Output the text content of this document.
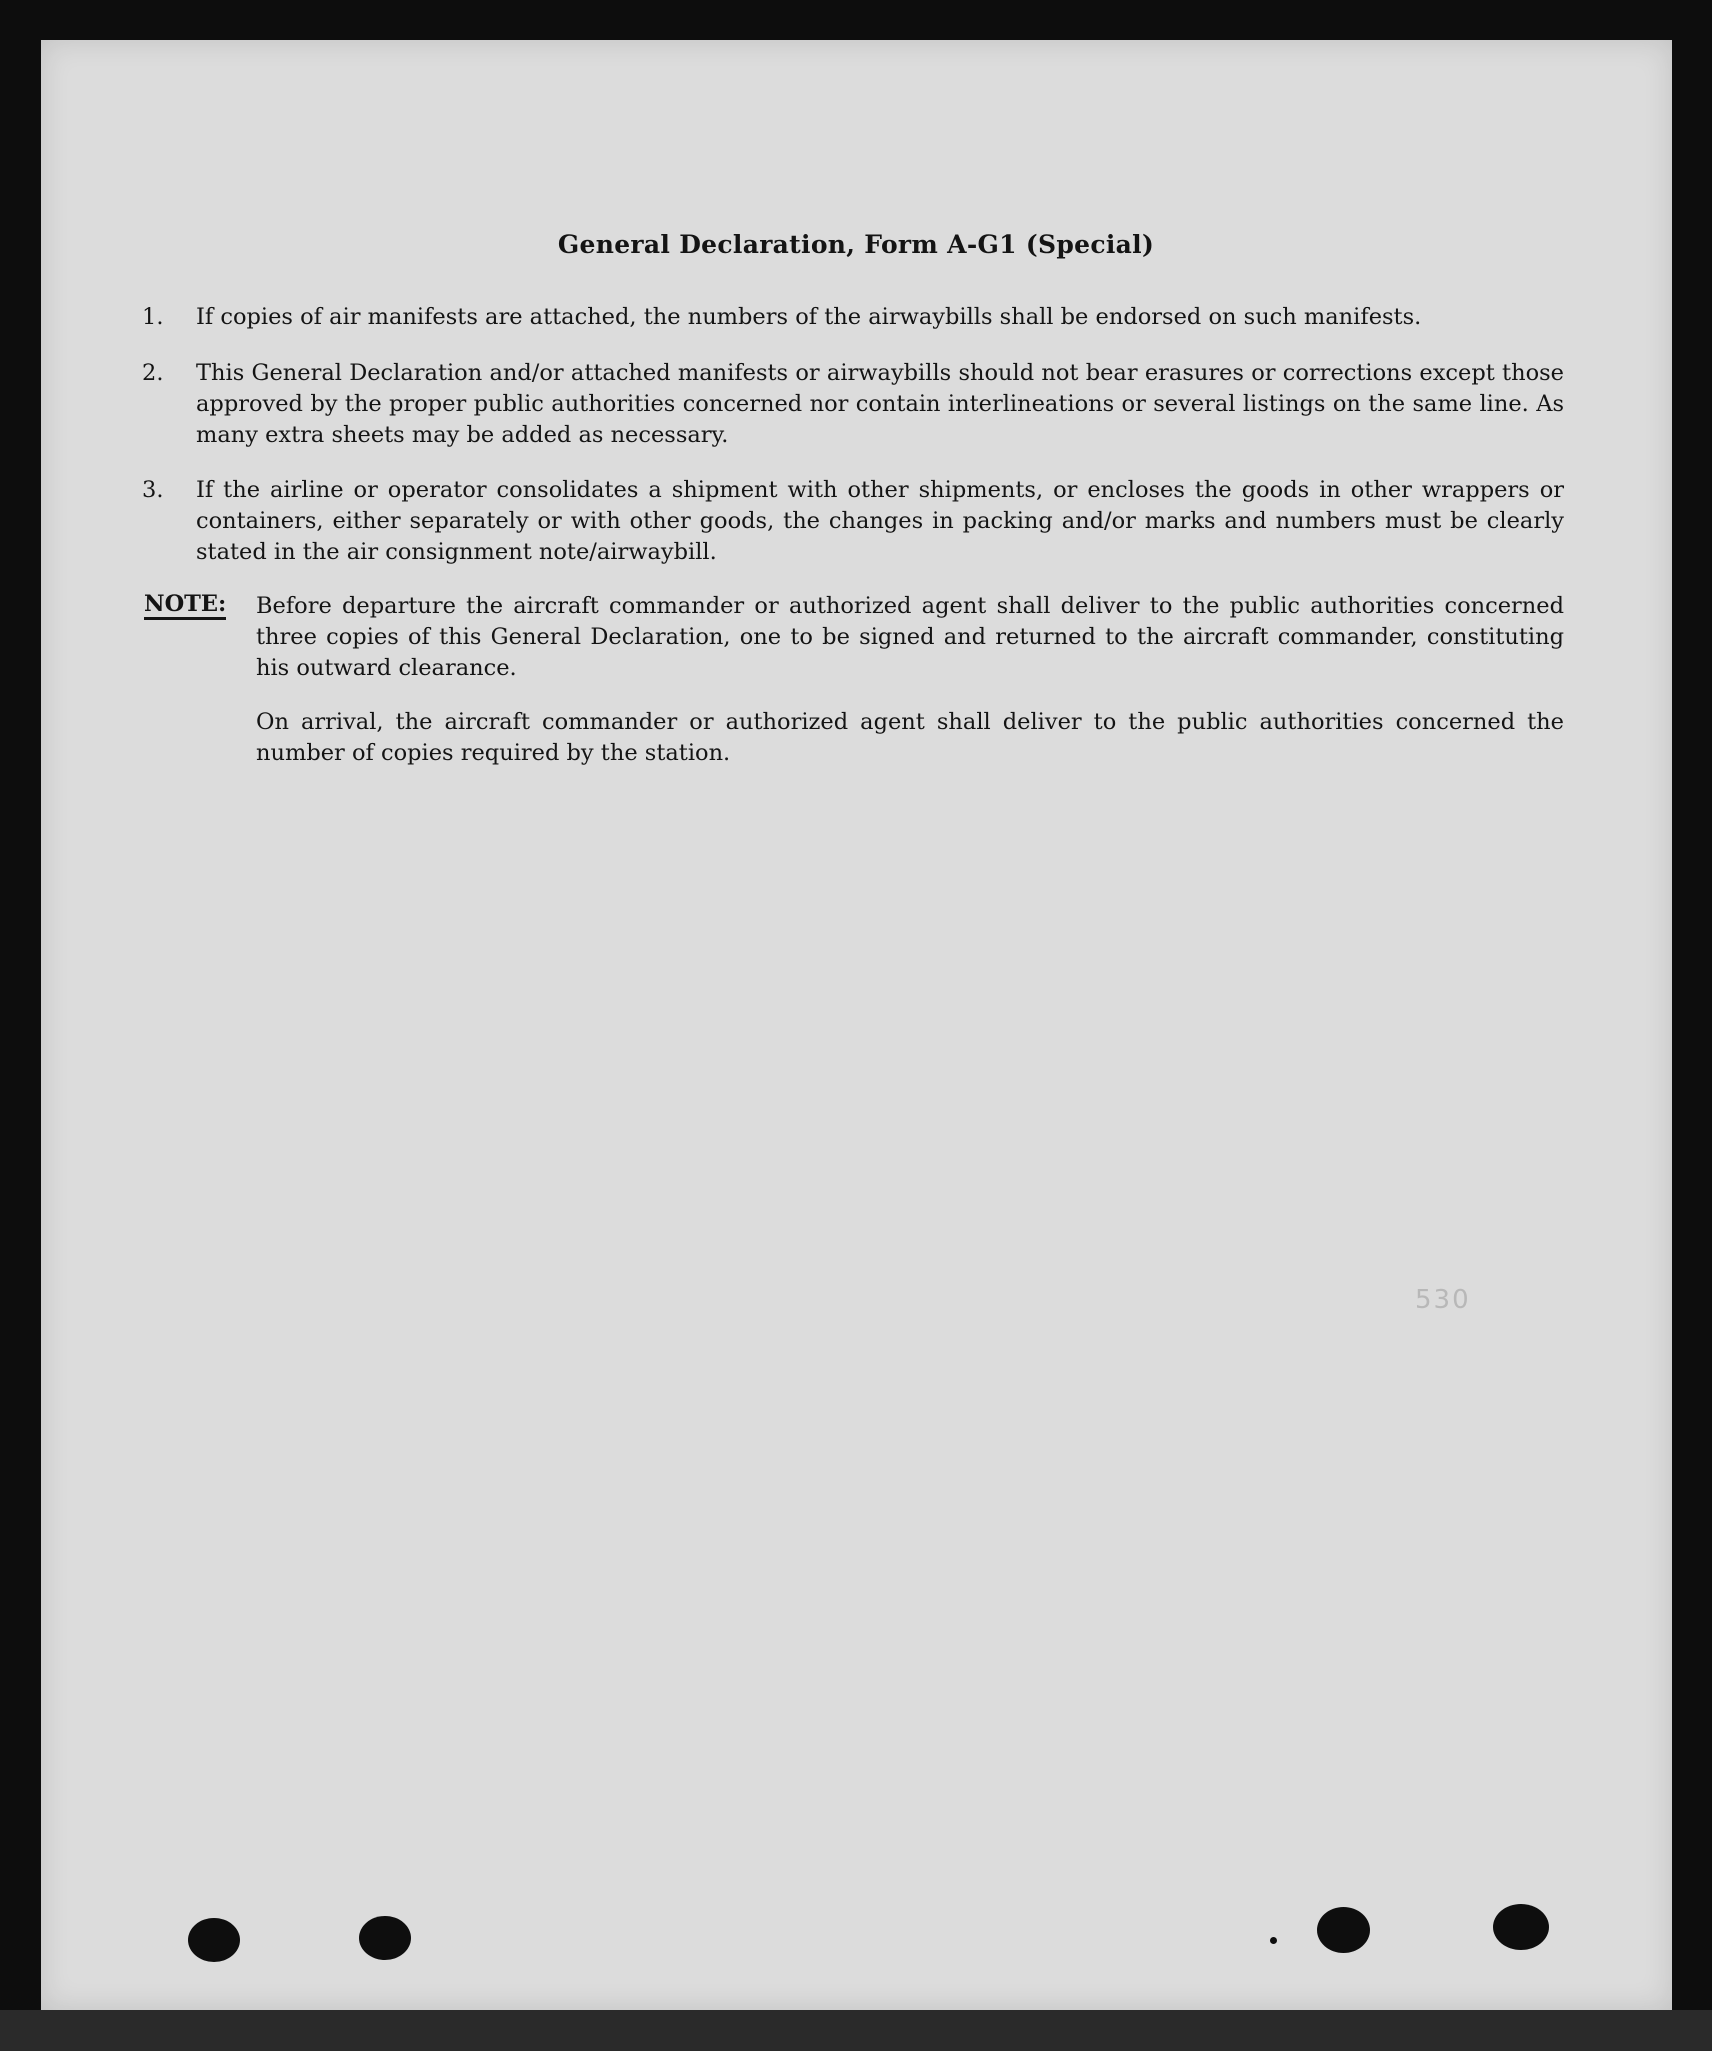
General Declaration, Form A-G1 (Special)
1. If copies of air manifests are attached, the numbers of the airwaybills shall be endorsed on such manifests.
2. This General Declaration and/or attached manifests or airwaybills should not bear erasures or corrections except those approved by the proper public authorities concerned nor contain interlineations or several listings on the same line. As many extra sheets may be added as necessary.
3. If the airline or operator consolidates a shipment with other shipments, or encloses the goods in other wrappers or containers, either separately or with other goods, the changes in packing and/or marks and numbers must be clearly stated in the air consignment note/airwaybill.
NOTE: Before departure the aircraft commander or authorized agent shall deliver to the public authorities concerned three copies of this General Declaration, one to be signed and returned to the aircraft commander, constituting his outward clearance.
On arrival, the aircraft commander or authorized agent shall deliver to the public authorities concerned the number of copies required by the station.
530
